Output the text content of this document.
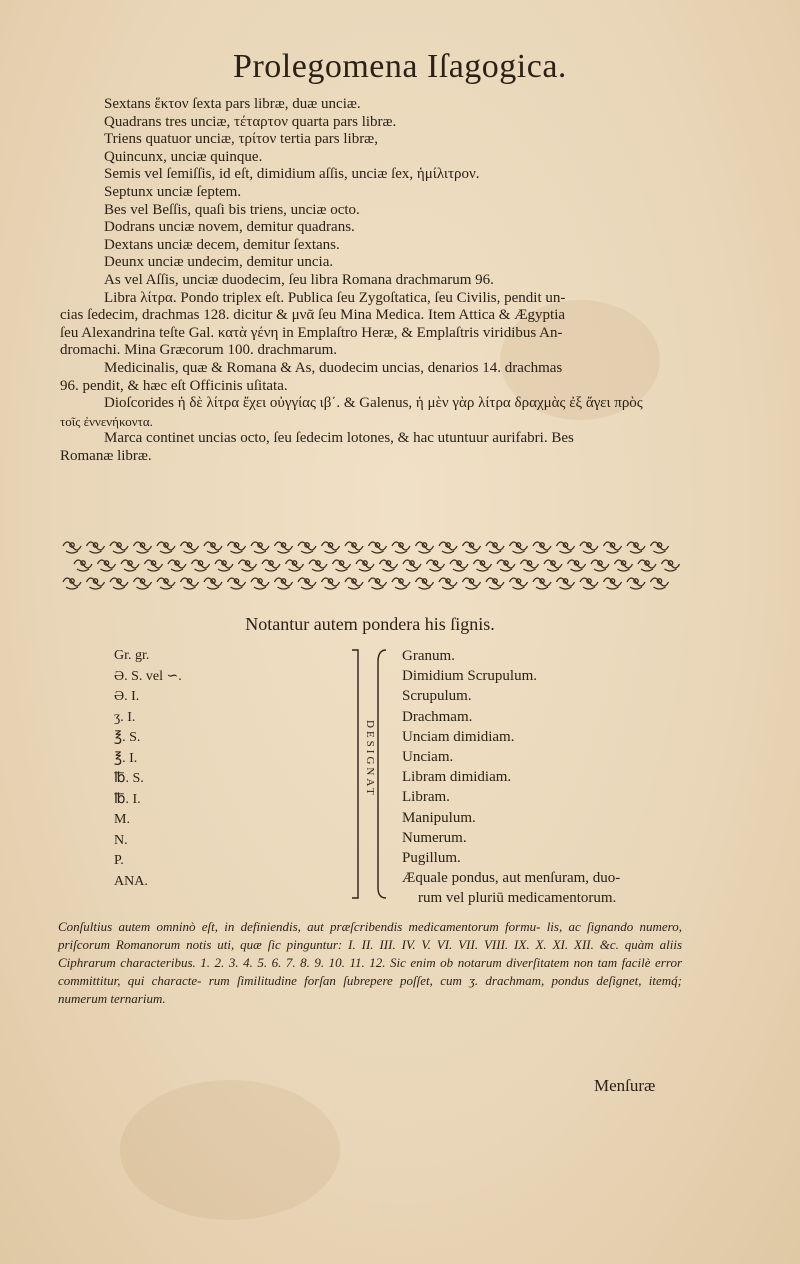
Prolegomena Iſagogica.
Sextans ἕκτον ſexta pars libræ, duæ unciæ.
Quadrans tres unciæ, τέταρτον quarta pars libræ.
Triens quatuor unciæ, τρίτον tertia pars libræ,
Quincunx, unciæ quinque.
Semis vel ſemiſſis, id eſt, dimidium aſſis, unciæ ſex, ἡμίλιτρον.
Septunx unciæ ſeptem.
Bes vel Beſſis, quaſi bis triens, unciæ octo.
Dodrans unciæ novem, demitur quadrans.
Dextans unciæ decem, demitur ſextans.
Deunx unciæ undecim, demitur uncia.
As vel Aſſis, unciæ duodecim, ſeu libra Romana drachmarum 96.
Libra λίτρα. Pondo triplex eſt. Publica ſeu Zygoſtatica, ſeu Civilis, pendit un-
cias ſedecim, drachmas 128. dicitur & μνᾶ ſeu Mina Medica. Item Attica & Ægyptia
ſeu Alexandrina teſte Gal. κατὰ γένη in Emplaſtro Heræ, & Emplaſtris viridibus An-
dromachi. Mina Græcorum 100. drachmarum.
Medicinalis, quæ & Romana & As, duodecim uncias, denarios 14. drachmas
96. pendit, & hæc eſt Officinis uſitata.
Dioſcorides ἡ δὲ λίτρα ἔχει οὐγγίας ιβ΄. & Galenus, ἡ μὲν γὰρ λίτρα δραχμὰς ἐξ ἄγει πρὸς
τοῖς ἐννενήκοντα.
Marca continet uncias octo, ſeu ſedecim lotones, & hac utuntuur aurifabri. Bes
Romanæ libræ.
Notantur autem pondera his ſignis.
Gr. gr.
Ə. S. vel ∽.
Ə. I.
ʒ. I.
℥. S.
℥. I.
℔. S.
℔. I.
M.
N.
P.
ANA.
DESIGNAT
Granum.
Dimidium Scrupulum.
Scrupulum.
Drachmam.
Unciam dimidiam.
Unciam.
Libram dimidiam.
Libram.
Manipulum.
Numerum.
Pugillum.
Æquale pondus, aut menſuram, duo-
rum vel pluriū medicamentorum.
Conſultius autem omninò eſt, in definiendis, aut præſcribendis medicamentorum formu- lis, ac ſignando numero, priſcorum Romanorum notis uti, quæ ſic pinguntur: I. II. III. IV. V. VI. VII. VIII. IX. X. XI. XII. &c. quàm aliis Ciphrarum characteribus. 1. 2. 3. 4. 5. 6. 7. 8. 9. 10. 11. 12. Sic enim ob notarum diverſitatem non tam facilè error committitur, qui characte- rum ſimilitudine forſan ſubrepere poſſet, cum ʒ. drachmam, pondus deſignet, itemq́; numerum ternarium.
Menſuræ
